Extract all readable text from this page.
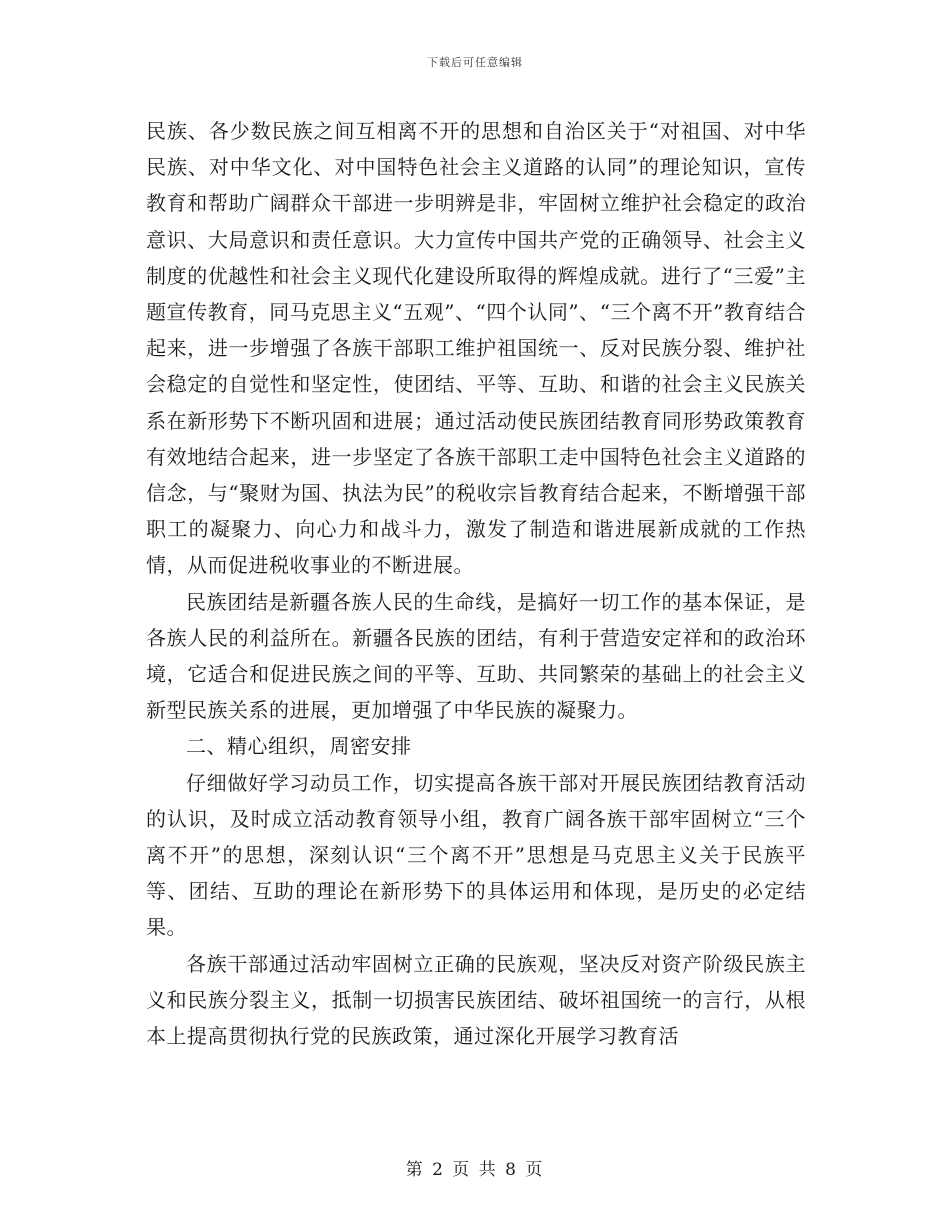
下载后可任意编辑

民族、各少数民族之间互相离不开的思想和自治区关于“对祖国、对中华民族、对中华文化、对中国特色社会主义道路的认同”的理论知识，宣传教育和帮助广阔群众干部进一步明辨是非，牢固树立维护社会稳定的政治意识、大局意识和责任意识。大力宣传中国共产党的正确领导、社会主义制度的优越性和社会主义现代化建设所取得的辉煌成就。进行了“三爱”主题宣传教育，同马克思主义“五观”、“四个认同”、“三个离不开”教育结合起来，进一步增强了各族干部职工维护祖国统一、反对民族分裂、维护社会稳定的自觉性和坚定性，使团结、平等、互助、和谐的社会主义民族关系在新形势下不断巩固和进展；通过活动使民族团结教育同形势政策教育有效地结合起来，进一步坚定了各族干部职工走中国特色社会主义道路的信念，与“聚财为国、执法为民”的税收宗旨教育结合起来，不断增强干部职工的凝聚力、向心力和战斗力，激发了制造和谐进展新成就的工作热情，从而促进税收事业的不断进展。

民族团结是新疆各族人民的生命线，是搞好一切工作的基本保证，是各族人民的利益所在。新疆各民族的团结，有利于营造安定祥和的政治环境，它适合和促进民族之间的平等、互助、共同繁荣的基础上的社会主义新型民族关系的进展，更加增强了中华民族的凝聚力。

二、精心组织，周密安排

仔细做好学习动员工作，切实提高各族干部对开展民族团结教育活动的认识，及时成立活动教育领导小组，教育广阔各族干部牢固树立“三个离不开”的思想，深刻认识“三个离不开”思想是马克思主义关于民族平等、团结、互助的理论在新形势下的具体运用和体现，是历史的必定结果。

各族干部通过活动牢固树立正确的民族观，坚决反对资产阶级民族主义和民族分裂主义，抵制一切损害民族团结、破坏祖国统一的言行，从根本上提高贯彻执行党的民族政策，通过深化开展学习教育活

第 2 页 共 8 页
